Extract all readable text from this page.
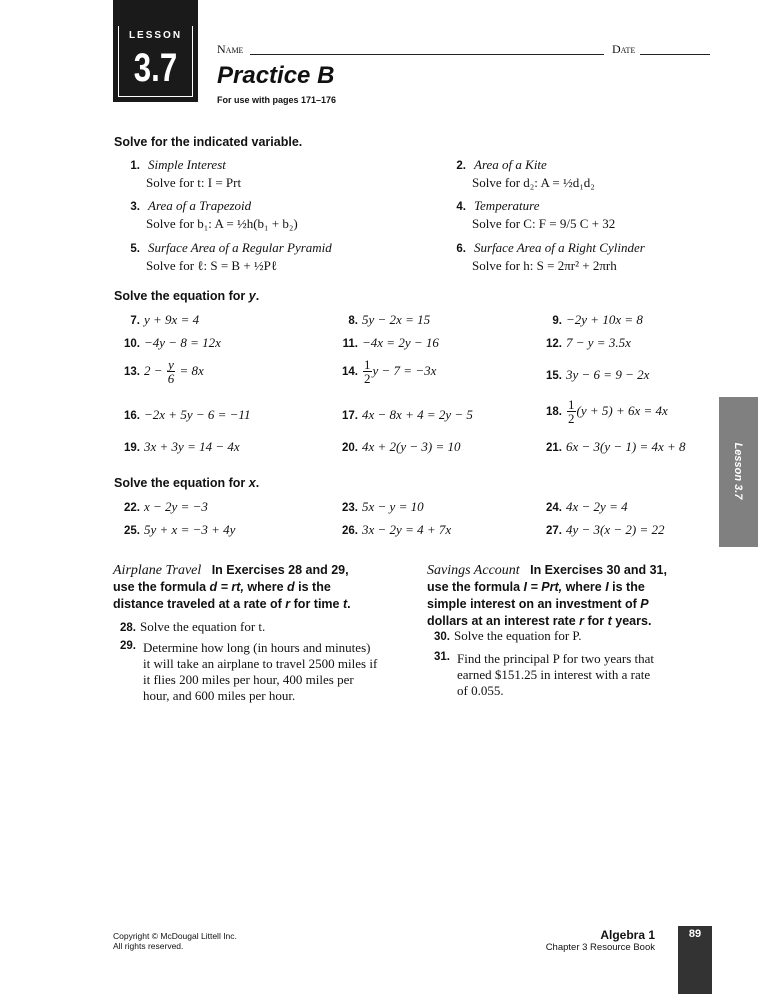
LESSON
3.7	Name	Date
Practice B
For use with pages 171–176
Solve for the indicated variable.
1. Simple Interest
Solve for t: I = Prt
2. Area of a Kite
Solve for d₂: A = ½d₁d₂
3. Area of a Trapezoid
Solve for b₁: A = ½h(b₁ + b₂)
4. Temperature
Solve for C: F = 9/5 C + 32
5. Surface Area of a Regular Pyramid
Solve for ℓ: S = B + ½Pℓ
6. Surface Area of a Right Cylinder
Solve for h: S = 2πr² + 2πrh
Solve the equation for y.
7. y + 9x = 4	8. 5y − 2x = 15	9. −2y + 10x = 8
10. −4y − 8 = 12x	11. −4x = 2y − 16	12. 7 − y = 3.5x
13. $2 - \frac{y}{6} = 8x$	14. $\frac{1}{2}$ y − 7 = −3x	15. 3y − 6 = 9 − 2x
16. −2x + 5y − 6 = −11	17. 4x − 8x + 4 = 2y − 5	18. $\frac{1}{2} (y + 5) + 6x = 4x$
19. 3x + 3y = 14 − 4x	20. 4x + 2(y − 3) = 10	21. 6x − 3(y − 1) = 4x + 8
Solve the equation for x.
22. x − 2y = −3	23. 5x − y = 10	24. 4x − 2y = 4
25. 5y + x = −3 + 4y	26. 3x − 2y = 4 + 7x	27. 4y − 3(x − 2) = 22
Airplane Travel In Exercises 28 and 29,
use the formula d = rt, where d is the
distance traveled at a rate of r for time t.
28. Solve the equation for t.
29. Determine how long (in hours and minutes)
it will take an airplane to travel 2500 miles if
it flies 200 miles per hour, 400 miles per
hour, and 600 miles per hour.
Savings Account In Exercises 30 and 31,
use the formula I = Prt, where I is the
simple interest on an investment of P
dollars at an interest rate r for t years.
30. Solve the equation for P.
31. Find the principal P for two years that
earned $151.25 in interest with a rate
of 0.055.
Lesson 3.7
Copyright © McDougal Littell Inc.
All rights reserved.
Algebra 1
Chapter 3 Resource Book
89
